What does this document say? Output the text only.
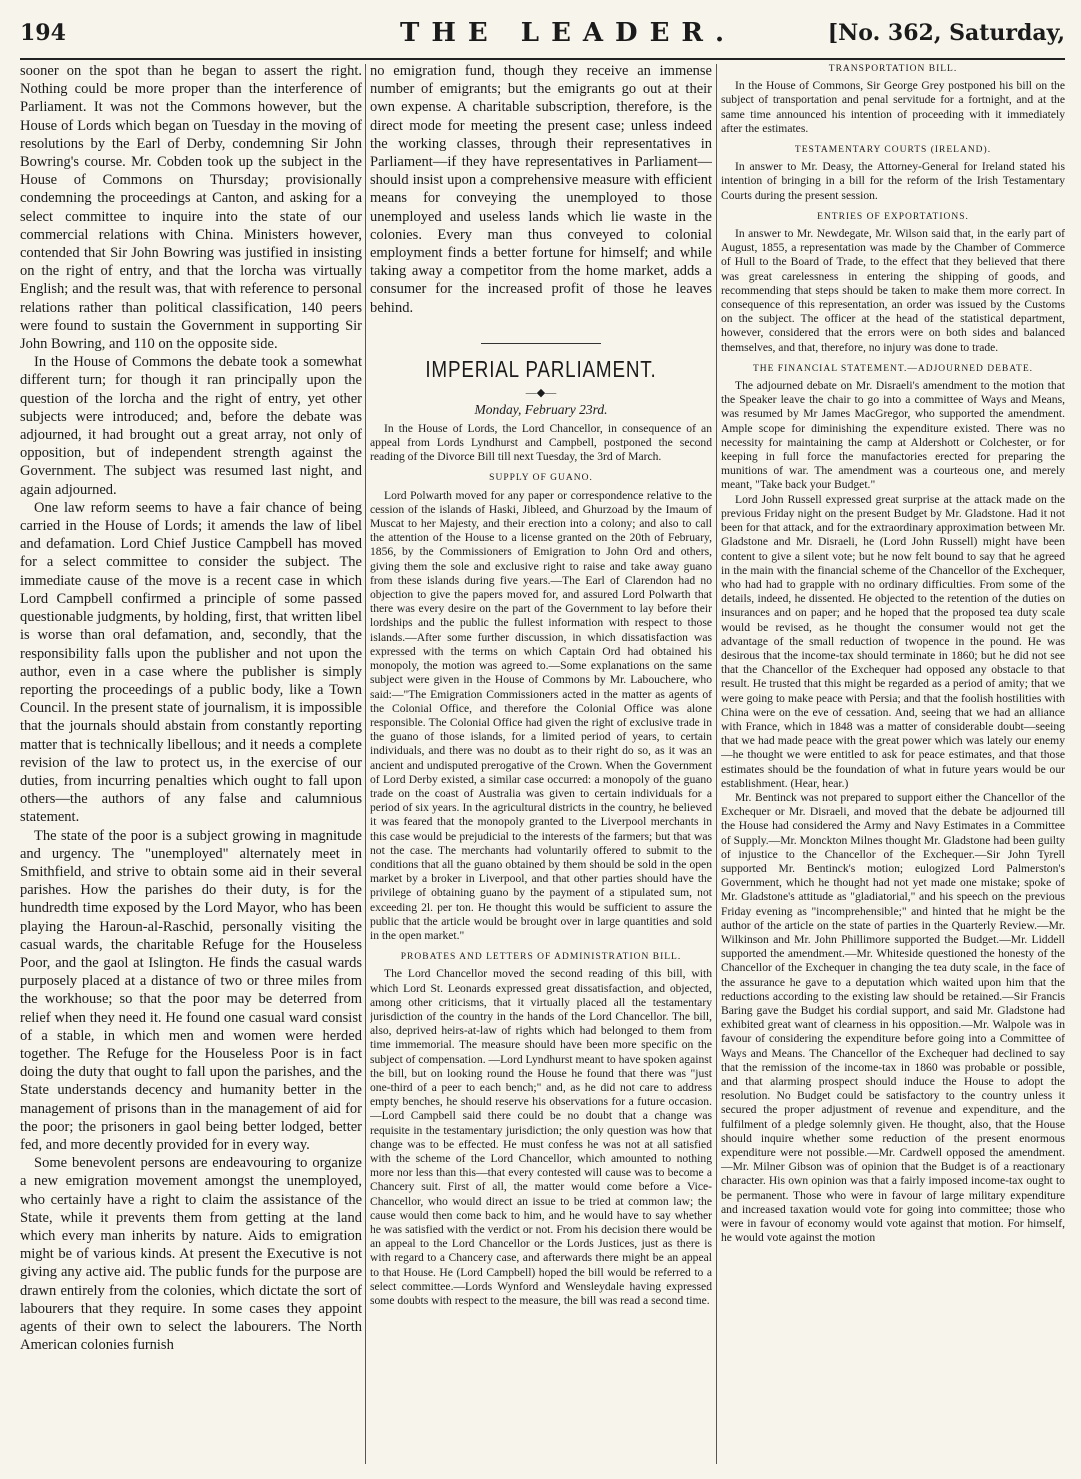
194	THE LEADER.	[No. 362, Saturday,

sooner on the spot than he began to assert the right. Nothing could be more proper than the interference of Parliament. It was not the Commons however, but the House of Lords which began on Tuesday in the moving of resolutions by the Earl of Derby, condemning Sir John Bowring's course. Mr. Cobden took up the subject in the House of Commons on Thursday; provisionally condemning the proceedings at Canton, and asking for a select committee to inquire into the state of our commercial relations with China. Ministers however, contended that Sir John Bowring was justified in insisting on the right of entry, and that the lorcha was virtually English; and the result was, that with reference to personal relations rather than political classification, 140 peers were found to sustain the Government in supporting Sir John Bowring, and 110 on the opposite side.

In the House of Commons the debate took a somewhat different turn; for though it ran principally upon the question of the lorcha and the right of entry, yet other subjects were introduced; and, before the debate was adjourned, it had brought out a great array, not only of opposition, but of independent strength against the Government. The subject was resumed last night, and again adjourned.

One law reform seems to have a fair chance of being carried in the House of Lords; it amends the law of libel and defamation. Lord Chief Justice Campbell has moved for a select committee to consider the subject. The immediate cause of the move is a recent case in which Lord Campbell confirmed a principle of some passed questionable judgments, by holding, first, that written libel is worse than oral defamation, and, secondly, that the responsibility falls upon the publisher and not upon the author, even in a case where the publisher is simply reporting the proceedings of a public body, like a Town Council. In the present state of journalism, it is impossible that the journals should abstain from constantly reporting matter that is technically libellous; and it needs a complete revision of the law to protect us, in the exercise of our duties, from incurring penalties which ought to fall upon others—the authors of any false and calumnious statement.

The state of the poor is a subject growing in magnitude and urgency. The "unemployed" alternately meet in Smithfield, and strive to obtain some aid in their several parishes. How the parishes do their duty, is for the hundredth time exposed by the Lord Mayor, who has been playing the Haroun-al-Raschid, personally visiting the casual wards, the charitable Refuge for the Houseless Poor, and the gaol at Islington. He finds the casual wards purposely placed at a distance of two or three miles from the workhouse; so that the poor may be deterred from relief when they need it. He found one casual ward consist of a stable, in which men and women were herded together. The Refuge for the Houseless Poor is in fact doing the duty that ought to fall upon the parishes, and the State understands decency and humanity better in the management of prisons than in the management of aid for the poor; the prisoners in gaol being better lodged, better fed, and more decently provided for in every way.

Some benevolent persons are endeavouring to organize a new emigration movement amongst the unemployed, who certainly have a right to claim the assistance of the State, while it prevents them from getting at the land which every man inherits by nature. Aids to emigration might be of various kinds. At present the Executive is not giving any active aid. The public funds for the purpose are drawn entirely from the colonies, which dictate the sort of labourers that they require. In some cases they appoint agents of their own to select the labourers. The North American colonies furnish

no emigration fund, though they receive an immense number of emigrants; but the emigrants go out at their own expense. A charitable subscription, therefore, is the direct mode for meeting the present case; unless indeed the working classes, through their representatives in Parliament—if they have representatives in Parliament—should insist upon a comprehensive measure with efficient means for conveying the unemployed to those unemployed and useless lands which lie waste in the colonies. Every man thus conveyed to colonial employment finds a better fortune for himself; and while taking away a competitor from the home market, adds a consumer for the increased profit of those he leaves behind.

IMPERIAL PARLIAMENT.
—◆—
Monday, February 23rd.

In the House of Lords, the Lord Chancellor, in consequence of an appeal from Lords Lyndhurst and Campbell, postponed the second reading of the Divorce Bill till next Tuesday, the 3rd of March.

SUPPLY OF GUANO.

Lord Polwarth moved for any paper or correspondence relative to the cession of the islands of Haski, Jibleed, and Ghurzoad by the Imaum of Muscat to her Majesty, and their erection into a colony; and also to call the attention of the House to a license granted on the 20th of February, 1856, by the Commissioners of Emigration to John Ord and others, giving them the sole and exclusive right to raise and take away guano from these islands during five years.—The Earl of Clarendon had no objection to give the papers moved for, and assured Lord Polwarth that there was every desire on the part of the Government to lay before their lordships and the public the fullest information with respect to those islands.—After some further discussion, in which dissatisfaction was expressed with the terms on which Captain Ord had obtained his monopoly, the motion was agreed to.—Some explanations on the same subject were given in the House of Commons by Mr. Labouchere, who said:—"The Emigration Commissioners acted in the matter as agents of the Colonial Office, and therefore the Colonial Office was alone responsible. The Colonial Office had given the right of exclusive trade in the guano of those islands, for a limited period of years, to certain individuals, and there was no doubt as to their right do so, as it was an ancient and undisputed prerogative of the Crown. When the Government of Lord Derby existed, a similar case occurred: a monopoly of the guano trade on the coast of Australia was given to certain individuals for a period of six years. In the agricultural districts in the country, he believed it was feared that the monopoly granted to the Liverpool merchants in this case would be prejudicial to the interests of the farmers; but that was not the case. The merchants had voluntarily offered to submit to the conditions that all the guano obtained by them should be sold in the open market by a broker in Liverpool, and that other parties should have the privilege of obtaining guano by the payment of a stipulated sum, not exceeding 2l. per ton. He thought this would be sufficient to assure the public that the article would be brought over in large quantities and sold in the open market."

PROBATES AND LETTERS OF ADMINISTRATION BILL.

The Lord Chancellor moved the second reading of this bill, with which Lord St. Leonards expressed great dissatisfaction, and objected, among other criticisms, that it virtually placed all the testamentary jurisdiction of the country in the hands of the Lord Chancellor. The bill, also, deprived heirs-at-law of rights which had belonged to them from time immemorial. The measure should have been more specific on the subject of compensation. —Lord Lyndhurst meant to have spoken against the bill, but on looking round the House he found that there was "just one-third of a peer to each bench;" and, as he did not care to address empty benches, he should reserve his observations for a future occasion.—Lord Campbell said there could be no doubt that a change was requisite in the testamentary jurisdiction; the only question was how that change was to be effected. He must confess he was not at all satisfied with the scheme of the Lord Chancellor, which amounted to nothing more nor less than this—that every contested will cause was to become a Chancery suit. First of all, the matter would come before a Vice-Chancellor, who would direct an issue to be tried at common law; the cause would then come back to him, and he would have to say whether he was satisfied with the verdict or not. From his decision there would be an appeal to the Lord Chancellor or the Lords Justices, just as there is with regard to a Chancery case, and afterwards there might be an appeal to that House. He (Lord Campbell) hoped the bill would be referred to a select committee.—Lords Wynford and Wensleydale having expressed some doubts with respect to the measure, the bill was read a second time.

TRANSPORTATION BILL.

In the House of Commons, Sir George Grey postponed his bill on the subject of transportation and penal servitude for a fortnight, and at the same time announced his intention of proceeding with it immediately after the estimates.

TESTAMENTARY COURTS (IRELAND).

In answer to Mr. Deasy, the Attorney-General for Ireland stated his intention of bringing in a bill for the reform of the Irish Testamentary Courts during the present session.

ENTRIES OF EXPORTATIONS.

In answer to Mr. Newdegate, Mr. Wilson said that, in the early part of August, 1855, a representation was made by the Chamber of Commerce of Hull to the Board of Trade, to the effect that they believed that there was great carelessness in entering the shipping of goods, and recommending that steps should be taken to make them more correct. In consequence of this representation, an order was issued by the Customs on the subject. The officer at the head of the statistical department, however, considered that the errors were on both sides and balanced themselves, and that, therefore, no injury was done to trade.

THE FINANCIAL STATEMENT.—ADJOURNED DEBATE.

The adjourned debate on Mr. Disraeli's amendment to the motion that the Speaker leave the chair to go into a committee of Ways and Means, was resumed by Mr James MacGregor, who supported the amendment. Ample scope for diminishing the expenditure existed. There was no necessity for maintaining the camp at Aldershott or Colchester, or for keeping in full force the manufactories erected for preparing the munitions of war. The amendment was a courteous one, and merely meant, "Take back your Budget."

Lord John Russell expressed great surprise at the attack made on the previous Friday night on the present Budget by Mr. Gladstone. Had it not been for that attack, and for the extraordinary approximation between Mr. Gladstone and Mr. Disraeli, he (Lord John Russell) might have been content to give a silent vote; but he now felt bound to say that he agreed in the main with the financial scheme of the Chancellor of the Exchequer, who had had to grapple with no ordinary difficulties. From some of the details, indeed, he dissented. He objected to the retention of the duties on insurances and on paper; and he hoped that the proposed tea duty scale would be revised, as he thought the consumer would not get the advantage of the small reduction of twopence in the pound. He was desirous that the income-tax should terminate in 1860; but he did not see that the Chancellor of the Exchequer had opposed any obstacle to that result. He trusted that this might be regarded as a period of amity; that we were going to make peace with Persia; and that the foolish hostilities with China were on the eve of cessation. And, seeing that we had an alliance with France, which in 1848 was a matter of considerable doubt—seeing that we had made peace with the great power which was lately our enemy—he thought we were entitled to ask for peace estimates, and that those estimates should be the foundation of what in future years would be our establishment. (Hear, hear.)

Mr. Bentinck was not prepared to support either the Chancellor of the Exchequer or Mr. Disraeli, and moved that the debate be adjourned till the House had considered the Army and Navy Estimates in a Committee of Supply.—Mr. Monckton Milnes thought Mr. Gladstone had been guilty of injustice to the Chancellor of the Exchequer.—Sir John Tyrell supported Mr. Bentinck's motion; eulogized Lord Palmerston's Government, which he thought had not yet made one mistake; spoke of Mr. Gladstone's attitude as "gladiatorial," and his speech on the previous Friday evening as "incomprehensible;" and hinted that he might be the author of the article on the state of parties in the Quarterly Review.—Mr. Wilkinson and Mr. John Phillimore supported the Budget.—Mr. Liddell supported the amendment.—Mr. Whiteside questioned the honesty of the Chancellor of the Exchequer in changing the tea duty scale, in the face of the assurance he gave to a deputation which waited upon him that the reductions according to the existing law should be retained.—Sir Francis Baring gave the Budget his cordial support, and said Mr. Gladstone had exhibited great want of clearness in his opposition.—Mr. Walpole was in favour of considering the expenditure before going into a Committee of Ways and Means. The Chancellor of the Exchequer had declined to say that the remission of the income-tax in 1860 was probable or possible, and that alarming prospect should induce the House to adopt the resolution. No Budget could be satisfactory to the country unless it secured the proper adjustment of revenue and expenditure, and the fulfilment of a pledge solemnly given. He thought, also, that the House should inquire whether some reduction of the present enormous expenditure were not possible.—Mr. Cardwell opposed the amendment.—Mr. Milner Gibson was of opinion that the Budget is of a reactionary character. His own opinion was that a fairly imposed income-tax ought to be permanent. Those who were in favour of large military expenditure and increased taxation would vote for going into committee; those who were in favour of economy would vote against that motion. For himself, he would vote against the motion
